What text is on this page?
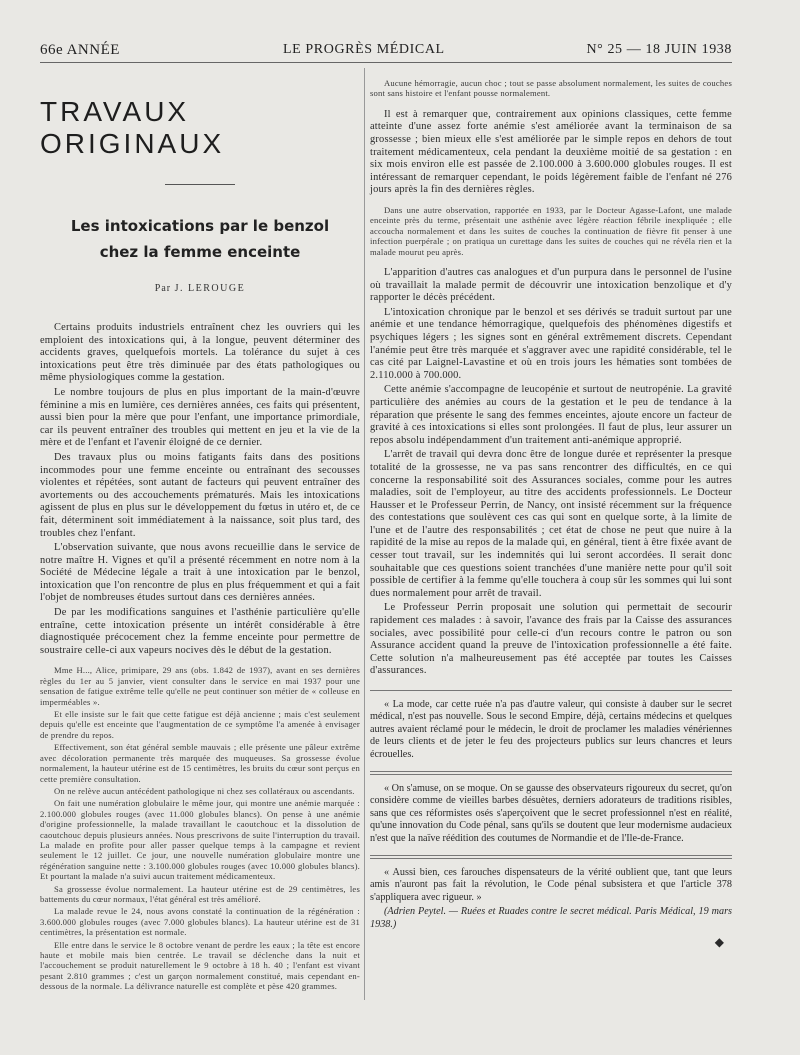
66e ANNÉE	LE PROGRÈS MÉDICAL	N° 25 — 18 JUIN 1938
TRAVAUX ORIGINAUX

Les intoxications par le benzol

chez la femme enceinte

Par J. LEROUGE

Certains produits industriels entraînent chez les ouvriers qui les emploient des intoxications qui, à la longue, peuvent déterminer des accidents graves, quelquefois mortels. La tolérance du sujet à ces intoxications peut être très diminuée par des états pathologiques ou même physiologiques comme la gestation.

Le nombre toujours de plus en plus important de la main-d'œuvre féminine a mis en lumière, ces dernières années, ces faits qui présentent, aussi bien pour la mère que pour l'enfant, une importance primordiale, car ils peuvent entraîner des troubles qui mettent en jeu et la vie de la mère et de l'enfant et l'avenir éloigné de ce dernier.

Des travaux plus ou moins fatigants faits dans des positions incommodes pour une femme enceinte ou entraînant des secousses violentes et répétées, sont autant de facteurs qui peuvent entraîner des avortements ou des accouchements prématurés. Mais les intoxications agissent de plus en plus sur le développement du fœtus in utéro et, de ce fait, déterminent soit immédiatement à la naissance, soit plus tard, des troubles chez l'enfant.

L'observation suivante, que nous avons recueillie dans le service de notre maître H. Vignes et qu'il a présenté récemment en notre nom à la Société de Médecine légale a trait à une intoxication par le benzol, intoxication que l'on rencontre de plus en plus fréquemment et qui a fait l'objet de nombreuses études surtout dans ces dernières années.

De par les modifications sanguines et l'asthénie particulière qu'elle entraîne, cette intoxication présente un intérêt considérable à être diagnostiquée précocement chez la femme enceinte pour permettre de soustraire celle-ci aux vapeurs nocives dès le début de la gestation.

Mme H..., Alice, primipare, 29 ans (obs. 1.842 de 1937), avant en ses dernières règles du 1er au 5 janvier, vient consulter dans le service en mai 1937 pour une sensation de fatigue extrême telle qu'elle ne peut continuer son métier de « colleuse en imperméables ».

Et elle insiste sur le fait que cette fatigue est déjà ancienne ; mais c'est seulement depuis qu'elle est enceinte que l'augmentation de ce symptôme l'a amenée à envisager de prendre du repos.

Effectivement, son état général semble mauvais ; elle présente une pâleur extrême avec décoloration permanente très marquée des muqueuses. Sa grossesse évolue normalement, la hauteur utérine est de 15 centimètres, les bruits du cœur sont perçus en cette première consultation.

On ne relève aucun antécédent pathologique ni chez ses collatéraux ou ascendants.

On fait une numération globulaire le même jour, qui montre une anémie marquée : 2.100.000 globules rouges (avec 11.000 globules blancs). On pense à une anémie d'origine professionnelle, la malade travaillant le caoutchouc et la dissolution de caoutchouc depuis plusieurs années. Nous prescrivons de suite l'interruption du travail. La malade en profite pour aller passer quelque temps à la campagne et revient seulement le 12 juillet. Ce jour, une nouvelle numération globulaire montre une régénération sanguine nette : 3.100.000 globules rouges (avec 10.000 globules blancs). Et pourtant la malade n'a suivi aucun traitement médicamenteux.

Sa grossesse évolue normalement. La hauteur utérine est de 29 centimètres, les battements du cœur normaux, l'état général est très amélioré.

La malade revue le 24, nous avons constaté la continuation de la régénération : 3.600.000 globules rouges (avec 7.000 globules blancs). La hauteur utérine est de 31 centimètres, la présentation est normale.

Elle entre dans le service le 8 octobre venant de perdre les eaux ; la tête est encore haute et mobile mais bien centrée. Le travail se déclenche dans la nuit et l'accouchement se produit naturellement le 9 octobre à 18 h. 40 ; l'enfant est vivant pesant 2.810 grammes ; c'est un garçon normalement constitué, mais cependant en-dessous de la normale. La délivrance naturelle est complète et pèse 420 grammes.

Aucune hémorragie, aucun choc ; tout se passe absolument normalement, les suites de couches sont sans histoire et l'enfant pousse normalement.

Il est à remarquer que, contrairement aux opinions classiques, cette femme atteinte d'une assez forte anémie s'est améliorée avant la terminaison de sa grossesse ; bien mieux elle s'est améliorée par le simple repos en dehors de tout traitement médicamenteux, cela pendant la deuxième moitié de sa gestation : en six mois environ elle est passée de 2.100.000 à 3.600.000 globules rouges. Il est intéressant de remarquer cependant, le poids légèrement faible de l'enfant né 276 jours après la fin des dernières règles.

Dans une autre observation, rapportée en 1933, par le Docteur Agasse-Lafont, une malade enceinte près du terme, présentait une asthénie avec légère réaction fébrile inexpliquée ; elle accoucha normalement et dans les suites de couches la continuation de fièvre fit penser à une infection puerpérale ; on pratiqua un curettage dans les suites de couches qui ne révéla rien et la malade mourut peu après.

L'apparition d'autres cas analogues et d'un purpura dans le personnel de l'usine où travaillait la malade permit de découvrir une intoxication benzolique et d'y rapporter le décès précédent.

L'intoxication chronique par le benzol et ses dérivés se traduit surtout par une anémie et une tendance hémorragique, quelquefois des phénomènes digestifs et psychiques légers ; les signes sont en général extrêmement discrets. Cependant l'anémie peut être très marquée et s'aggraver avec une rapidité considérable, tel le cas cité par Laignel-Lavastine et où en trois jours les hématies sont tombées de 2.110.000 à 700.000.

Cette anémie s'accompagne de leucopénie et surtout de neutropénie. La gravité particulière des anémies au cours de la gestation et le peu de tendance à la réparation que présente le sang des femmes enceintes, ajoute encore un facteur de gravité à ces intoxications si elles sont prolongées. Il faut de plus, leur assurer un repos absolu indépendamment d'un traitement anti-anémique approprié.

L'arrêt de travail qui devra donc être de longue durée et représenter la presque totalité de la grossesse, ne va pas sans rencontrer des difficultés, en ce qui concerne la responsabilité soit des Assurances sociales, comme pour les autres maladies, soit de l'employeur, au titre des accidents professionnels. Le Docteur Hausser et le Professeur Perrin, de Nancy, ont insisté récemment sur la fréquence des contestations que soulèvent ces cas qui sont en quelque sorte, à la limite de l'une et de l'autre des responsabilités ; cet état de chose ne peut que nuire à la rapidité de la mise au repos de la malade qui, en général, tient à être fixée avant de cesser tout travail, sur les indemnités qui lui seront accordées. Il serait donc souhaitable que ces questions soient tranchées d'une manière nette pour qu'il soit possible de certifier à la femme qu'elle touchera à coup sûr les sommes qui lui sont dues normalement pour arrêt de travail.

Le Professeur Perrin proposait une solution qui permettait de secourir rapidement ces malades : à savoir, l'avance des frais par la Caisse des assurances sociales, avec possibilité pour celle-ci d'un recours contre le patron ou son Assurance accident quand la preuve de l'intoxication professionnelle a été faite. Cette solution n'a malheureusement pas été acceptée par toutes les Caisses d'assurances.

« La mode, car cette ruée n'a pas d'autre valeur, qui consiste à dauber sur le secret médical, n'est pas nouvelle. Sous le second Empire, déjà, certains médecins et quelques autres avaient réclamé pour le médecin, le droit de proclamer les maladies vénériennes de leurs clients et de jeter le feu des projecteurs publics sur leurs chancres et leurs écrouelles.

« On s'amuse, on se moque. On se gausse des observateurs rigoureux du secret, qu'on considère comme de vieilles barbes désuètes, derniers adorateurs de traditions risibles, sans que ces réformistes osés s'aperçoivent que le secret professionnel n'est en réalité, qu'une innovation du Code pénal, sans qu'ils se doutent que leur modernisme audacieux n'est que la naïve réédition des coutumes de Normandie et de l'Ile-de-France.

« Aussi bien, ces farouches dispensateurs de la vérité oublient que, tant que leurs amis n'auront pas fait la révolution, le Code pénal subsistera et que l'article 378 s'appliquera avec rigueur. »

(Adrien Peytel. — Ruées et Ruades contre le secret médical. Paris Médical, 19 mars 1938.)

◆
